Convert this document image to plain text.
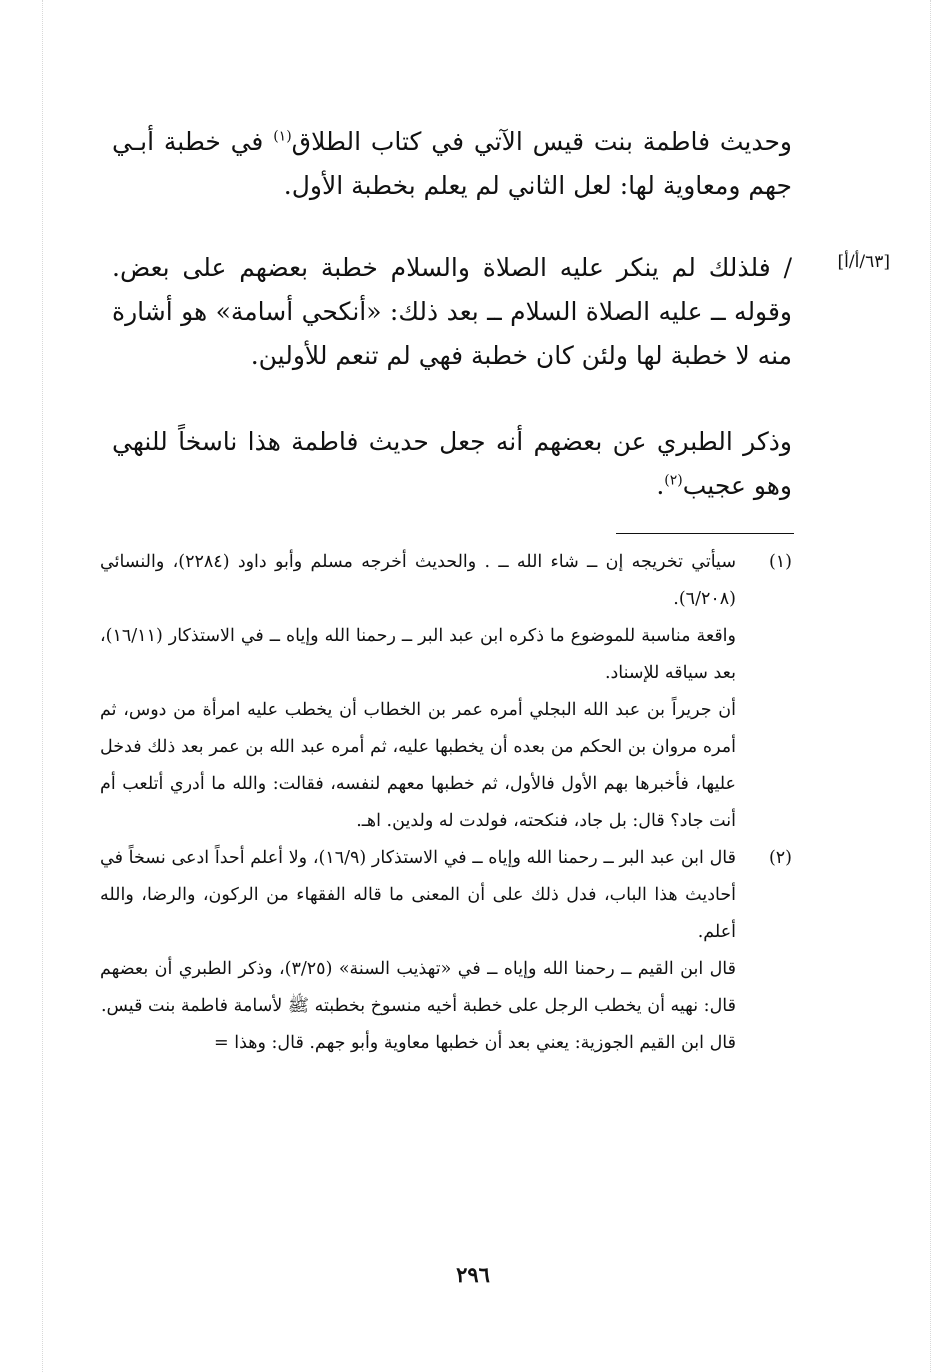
وحديث فاطمة بنت قيس الآتي في كتاب الطلاق$^{(١)}$ في خطبة أبـي جهم ومعاوية لها: لعل الثاني لم يعلم بخطبة الأول.
[٦٣/أ/أ]
/ فلذلك لم ينكر عليه الصلاة والسلام خطبة بعضهم على بعض. وقوله ــ عليه الصلاة السلام ــ بعد ذلك: «أنكحي أسامة» هو أشارة منه لا خطبة لها ولئن كان خطبة فهي لم تنعم للأولين.
وذكر الطبري عن بعضهم أنه جعل حديث فاطمة هذا ناسخاً للنهي وهو عجيب$^{(٢)}$.
(١)

سيأتي تخريجه إن ــ شاء الله ــ . والحديث أخرجه مسلم وأبو داود (٢٢٨٤)، والنسائي (٦/٢٠٨).

واقعة مناسبة للموضوع ما ذكره ابن عبد البر ــ رحمنا الله وإياه ــ في الاستذكار (١٦/١١)، بعد سياقه للإسناد.

أن جريراً بن عبد الله البجلي أمره عمر بن الخطاب أن يخطب عليه امرأة من دوس، ثم أمره مروان بن الحكم من بعده أن يخطبها عليه، ثم أمره عبد الله بن عمر بعد ذلك فدخل عليها، فأخبرها بهم الأول فالأول، ثم خطبها معهم لنفسه، فقالت: والله ما أدري أتلعب أم أنت جاد؟ قال: بل جاد، فنكحته، فولدت له ولدين. اهـ.

(٢)

قال ابن عبد البر ــ رحمنا الله وإياه ــ في الاستذكار (١٦/٩)، ولا أعلم أحداً ادعى نسخاً في أحاديث هذا الباب، فدل ذلك على أن المعنى ما قاله الفقهاء من الركون، والرضا، والله أعلم.

قال ابن القيم ــ رحمنا الله وإياه ــ في «تهذيب السنة» (٣/٢٥)، وذكر الطبري أن بعضهم قال: نهيه أن يخطب الرجل على خطبة أخيه منسوخ بخطبته ﷺ لأسامة فاطمة بنت قيس.

قال ابن القيم الجوزية: يعني بعد أن خطبها معاوية وأبو جهم. قال: وهذا =

٢٩٦
